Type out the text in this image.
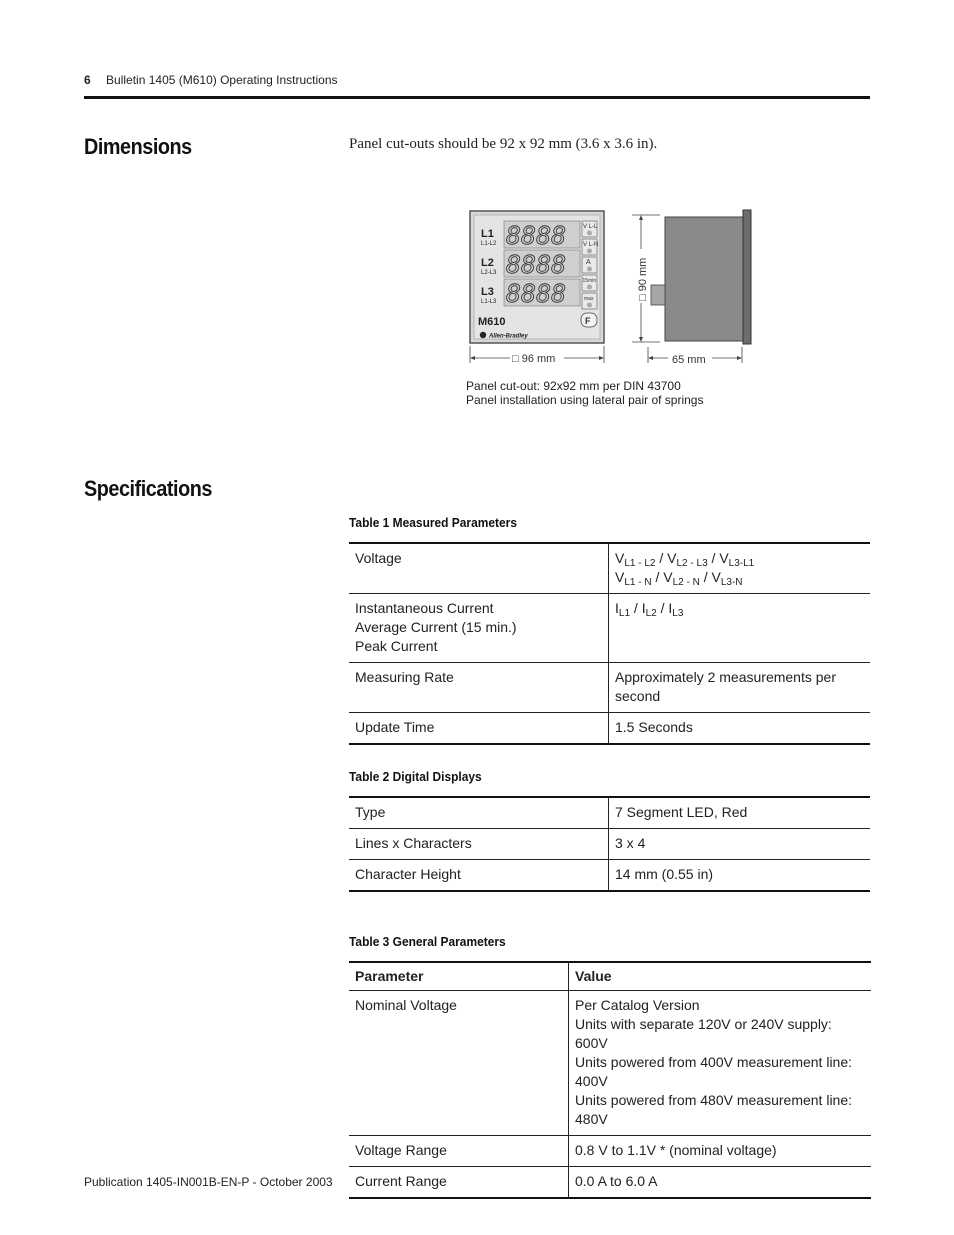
6 Bulletin 1405 (M610) Operating Instructions
Dimensions	Panel cut-outs should be 92 x 92 mm (3.6 x 3.6 in).
L1
L1-L2
L2
L2-L3
L3
L1-L3
8888
8888
8888
V L-L
V L-N
A
15min
max
F
M610
Allen-Bradley
□ 96 mm
□ 90 mm
65 mm
Panel cut-out: 92x92 mm per DIN 43700
Panel installation using lateral pair of springs
Specifications
Table 1 Measured Parameters
Voltage	$V_{L1 - L2} / V_{L2 - L3} / V_{L3-L1}$
$V_{L1 - N} / V_{L2 - N} / V_{L3-N}$

Instantaneous Current
Average Current (15 min.)
Peak Current	$I_{L1} / I_{L2} / I_{L3}$

Measuring Rate	Approximately 2 measurements per second
Update Time	1.5 Seconds
Table 2 Digital Displays
Type	7 Segment LED, Red
Lines x Characters	3 x 4
Character Height	14 mm (0.55 in)
Table 3 General Parameters
Parameter	Value
Nominal Voltage	Per Catalog Version
Units with separate 120V or 240V supply: 600V
Units powered from 400V measurement line: 400V
Units powered from 480V measurement line: 480V

Voltage Range	0.8 V to 1.1V * (nominal voltage)
Current Range	0.0 A to 6.0 A
Publication 1405-IN001B-EN-P - October 2003
